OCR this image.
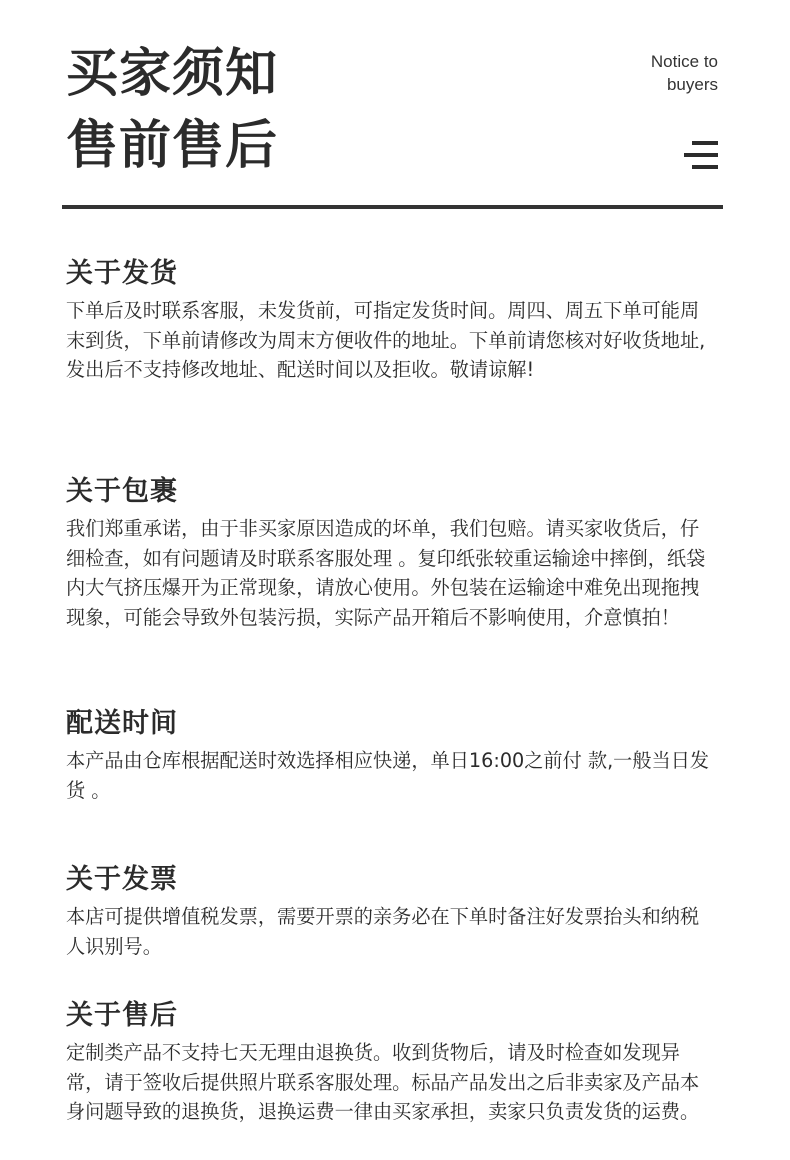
买家须知
售前售后
Notice to
buyers
关于发货

下单后及时联系客服，未发货前，可指定发货时间。周四、周五下单可能周末到货，下单前请修改为周末方便收件的地址。下单前请您核对好收货地址,发出后不支持修改地址、配送时间以及拒收。敬请谅解!

关于包裹

我们郑重承诺，由于非买家原因造成的坏单，我们包赔。请买家收货后，仔细检查，如有问题请及时联系客服处理 。复印纸张较重运输途中摔倒，纸袋内大气挤压爆开为正常现象，请放心使用。外包装在运输途中难免出现拖拽现象，可能会导致外包装污损，实际产品开箱后不影响使用，介意慎拍！

配送时间

本产品由仓库根据配送时效选择相应快递，单日16:00之前付 款,一般当日发货 。

关于发票

本店可提供增值税发票，需要开票的亲务必在下单时备注好发票抬头和纳税人识别号。

关于售后

定制类产品不支持七天无理由退换货。收到货物后，请及时检查如发现异常，请于签收后提供照片联系客服处理。标品产品发出之后非卖家及产品本身问题导致的退换货，退换运费一律由买家承担，卖家只负责发货的运费。
